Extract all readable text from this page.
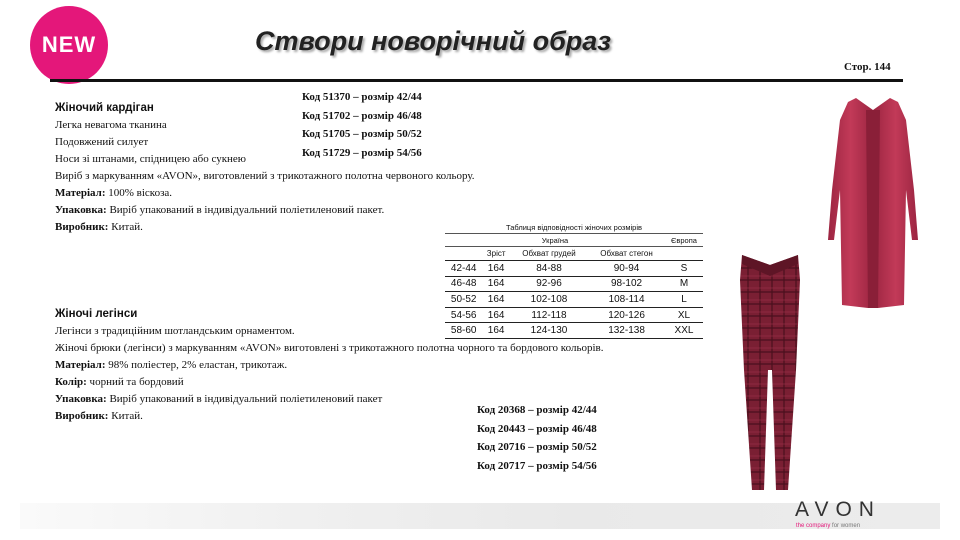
NEW	Створи новорічний образ
Стор. 144
Жіночий кардіган
Легка невагома тканина
Подовжений силует
Носи зі штанами, спідницею або сукнею
Виріб з маркуванням «AVON», виготовлений з трикотажного полотна червоного кольору.
Матеріал: 100% віскоза.
Упаковка: Виріб упакований в індивідуальний поліетиленовий пакет.
Виробник: Китай.
Код 51370 – розмір 42/44
Код 51702 – розмір 46/48
Код 51705 – розмір 50/52
Код 51729 – розмір 54/56
Таблиця відповідності жіночих розмірів				
Україна				Європа
	Зріст	Обхват грудей	Обхват стегон	
42-44	164	84-88	90-94	S
46-48	164	92-96	98-102	M
50-52	164	102-108	108-114	L
54-56	164	112-118	120-126	XL
58-60	164	124-130	132-138	XXL
Жіночі легінси
Легінси з традиційним шотландським орнаментом.
Жіночі брюки (легінси) з маркуванням «AVON» виготовлені з трикотажного полотна чорного та бордового кольорів.
Матеріал: 98% поліестер, 2% еластан, трикотаж.
Колір: чорний та бордовий
Упаковка: Виріб упакований в індивідуальний поліетиленовий пакет
Виробник: Китай.	Код 20368 – розмір 42/44
Код 20443 – розмір 46/48
Код 20716 – розмір 50/52
Код 20717 – розмір 54/56
AVON
the company for women
